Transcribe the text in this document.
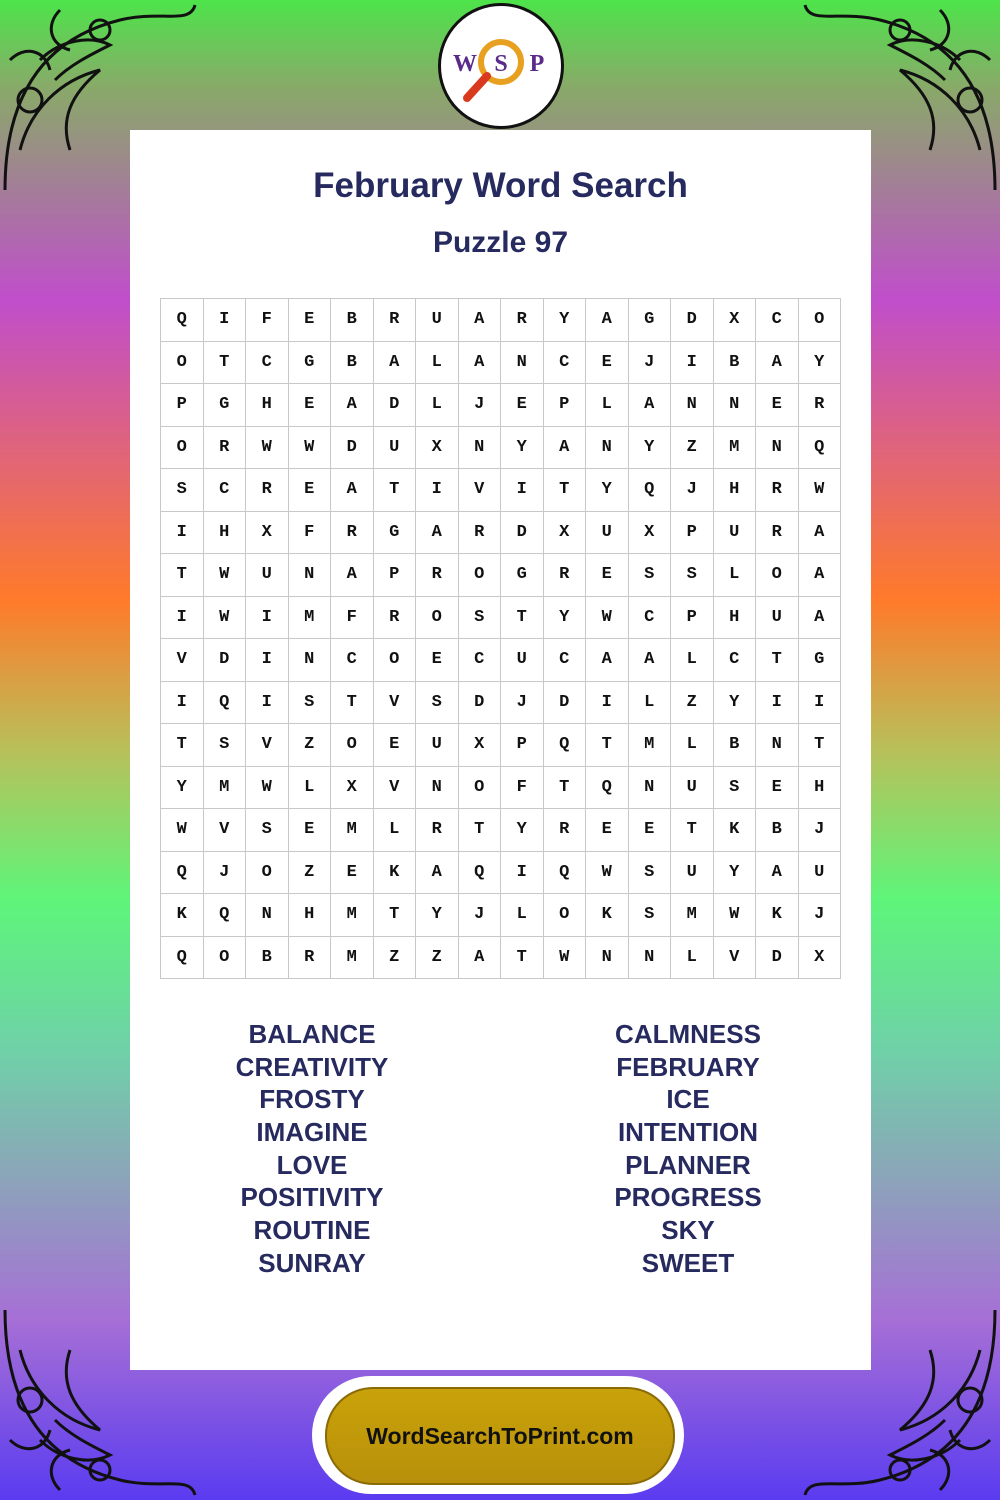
W S P
February Word Search
Puzzle 97
Q	I	F	E	B	R	U	A	R	Y	A	G	D	X	C	O
O	T	C	G	B	A	L	A	N	C	E	J	I	B	A	Y
P	G	H	E	A	D	L	J	E	P	L	A	N	N	E	R
O	R	W	W	D	U	X	N	Y	A	N	Y	Z	M	N	Q
S	C	R	E	A	T	I	V	I	T	Y	Q	J	H	R	W
I	H	X	F	R	G	A	R	D	X	U	X	P	U	R	A
T	W	U	N	A	P	R	O	G	R	E	S	S	L	O	A
I	W	I	M	F	R	O	S	T	Y	W	C	P	H	U	A
V	D	I	N	C	O	E	C	U	C	A	A	L	C	T	G
I	Q	I	S	T	V	S	D	J	D	I	L	Z	Y	I	I
T	S	V	Z	O	E	U	X	P	Q	T	M	L	B	N	T
Y	M	W	L	X	V	N	O	F	T	Q	N	U	S	E	H
W	V	S	E	M	L	R	T	Y	R	E	E	T	K	B	J
Q	J	O	Z	E	K	A	Q	I	Q	W	S	U	Y	A	U
K	Q	N	H	M	T	Y	J	L	O	K	S	M	W	K	J
Q	O	B	R	M	Z	Z	A	T	W	N	N	L	V	D	X
BALANCE
CREATIVITY
FROSTY
IMAGINE
LOVE
POSITIVITY
ROUTINE
SUNRAY
CALMNESS
FEBRUARY
ICE
INTENTION
PLANNER
PROGRESS
SKY
SWEET
WordSearchToPrint.com
